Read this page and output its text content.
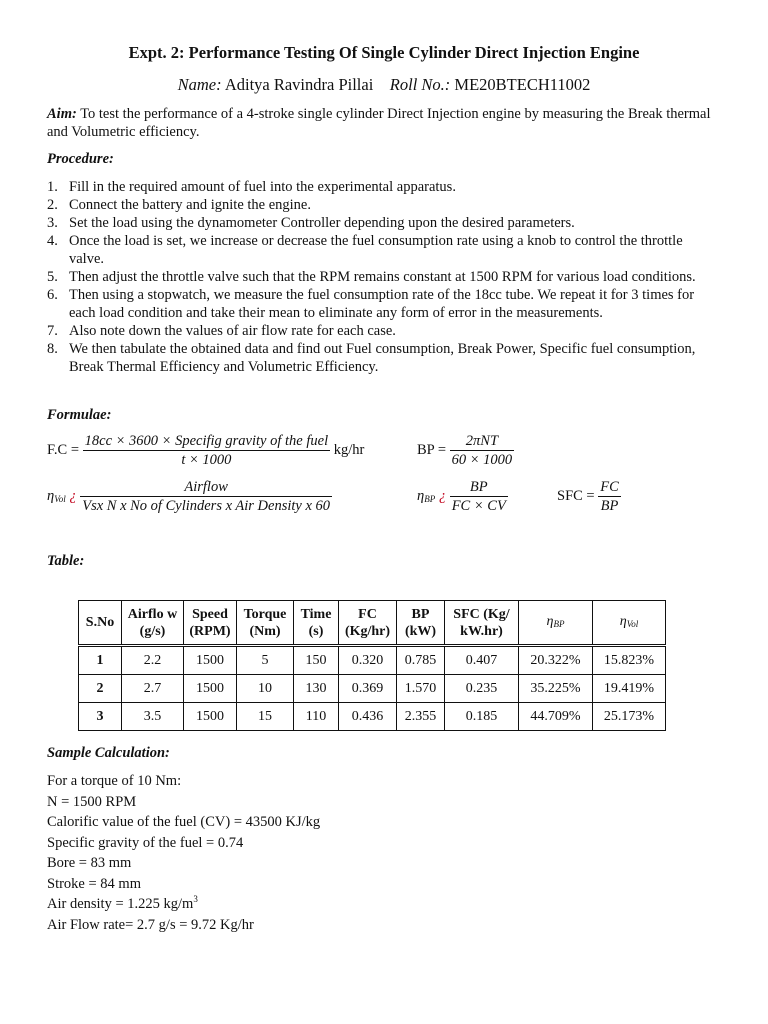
Expt. 2: Performance Testing Of Single Cylinder Direct Injection Engine
Name: Aditya Ravindra Pillai Roll No.: ME20BTECH11002
Aim: To test the performance of a 4-stroke single cylinder Direct Injection engine by measuring the Break thermal and Volumetric efficiency.
Procedure:
1. Fill in the required amount of fuel into the experimental apparatus.
2. Connect the battery and ignite the engine.
3. Set the load using the dynamometer Controller depending upon the desired parameters.
4. Once the load is set, we increase or decrease the fuel consumption rate using a knob to control the throttle valve.
5. Then adjust the throttle valve such that the RPM remains constant at 1500 RPM for various load conditions.
6. Then using a stopwatch, we measure the fuel consumption rate of the 18cc tube. We repeat it for 3 times for each load condition and take their mean to eliminate any form of error in the measurements.
7. Also note down the values of air flow rate for each case.
8. We then tabulate the obtained data and find out Fuel consumption, Break Power, Specific fuel consumption, Break Thermal Efficiency and Volumetric Efficiency.
Formulae:
$F.C = \frac{\text{18cc × 3600 × Specifig gravity of the fuel}}{t \times 1000} kg/hr$	BP = $\frac{\text{2πNT}}{60 \times 1000}$
$\eta_{Vol}$ ¿ $\frac{\text{Airflow}}{\text{Vsx N x No of Cylinders x Air Density x 60}}$	$\eta_{BP}$ ¿ $\frac{BP}{FC \times CV}$	SFC = $\frac{FC}{BP}$
Table:
S.No	Airflo w (g/s)	Speed (RPM)	Torque (Nm)	Time (s)	FC (Kg/hr)	BP (kW)	SFC (Kg/ kW.hr)	$\eta_{BP}$	$\eta_{Vol}$
1	2.2	1500	5	150	0.320	0.785	0.407	20.322%	15.823%
2	2.7	1500	10	130	0.369	1.570	0.235	35.225%	19.419%
3	3.5	1500	15	110	0.436	2.355	0.185	44.709%	25.173%
Sample Calculation:
For a torque of 10 Nm:
N = 1500 RPM
Calorific value of the fuel (CV) = 43500 KJ/kg
Specific gravity of the fuel = 0.74
Bore = 83 mm
Stroke = 84 mm
Air density = 1.225 $kg/m^3$
Air Flow rate= 2.7 g/s = 9.72 Kg/hr
